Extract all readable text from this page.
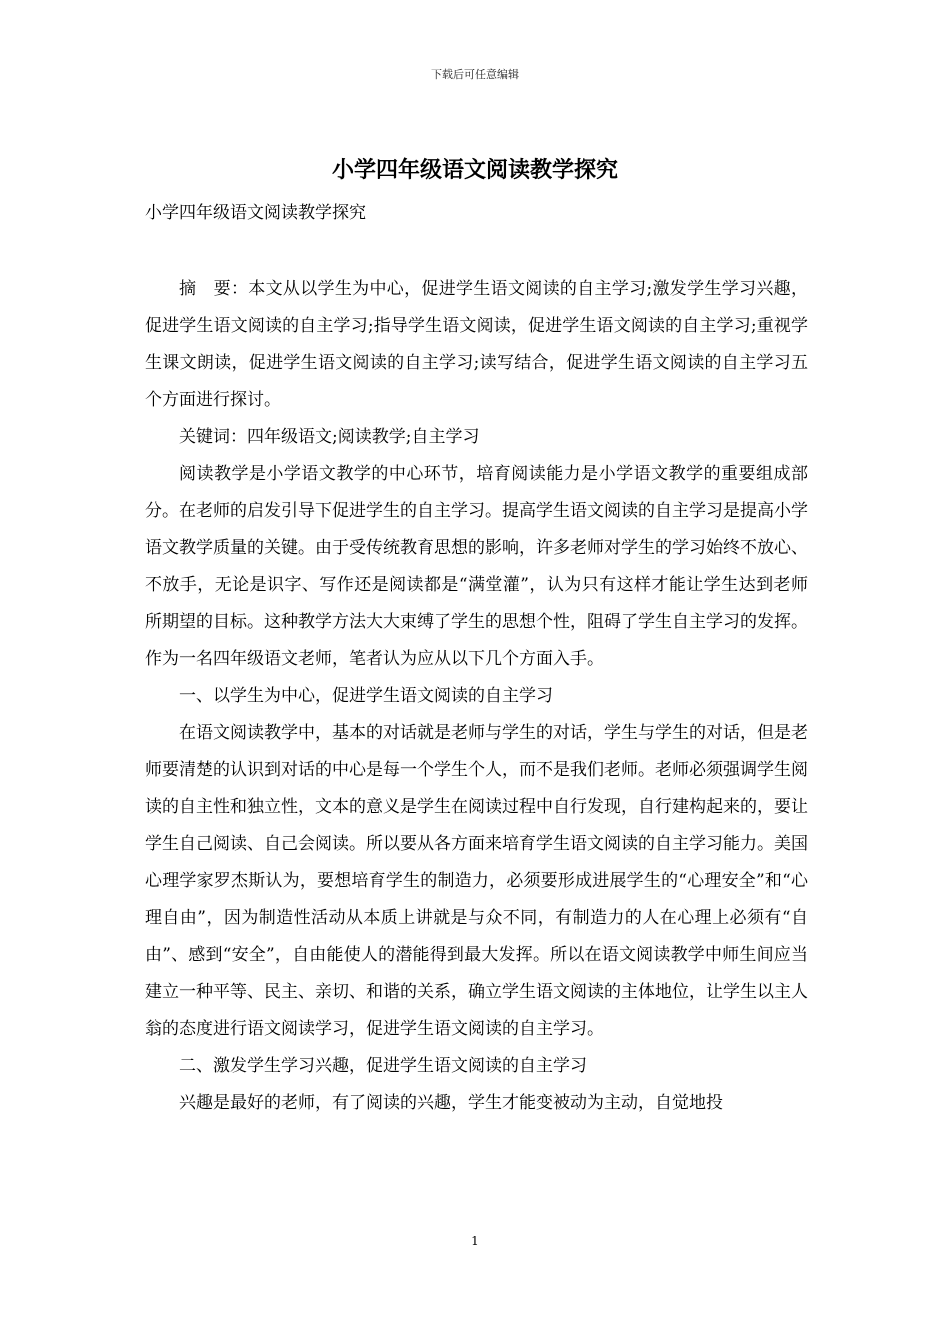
下载后可任意编辑
小学四年级语文阅读教学探究
小学四年级语文阅读教学探究

摘　要：本文从以学生为中心，促进学生语文阅读的自主学习;激发学生学习兴趣，促进学生语文阅读的自主学习;指导学生语文阅读，促进学生语文阅读的自主学习;重视学生课文朗读，促进学生语文阅读的自主学习;读写结合，促进学生语文阅读的自主学习五个方面进行探讨。

关键词：四年级语文;阅读教学;自主学习

阅读教学是小学语文教学的中心环节，培育阅读能力是小学语文教学的重要组成部分。在老师的启发引导下促进学生的自主学习。提高学生语文阅读的自主学习是提高小学语文教学质量的关键。由于受传统教育思想的影响，许多老师对学生的学习始终不放心、不放手，无论是识字、写作还是阅读都是“满堂灌”，认为只有这样才能让学生达到老师所期望的目标。这种教学方法大大束缚了学生的思想个性，阻碍了学生自主学习的发挥。作为一名四年级语文老师，笔者认为应从以下几个方面入手。

一、以学生为中心，促进学生语文阅读的自主学习

在语文阅读教学中，基本的对话就是老师与学生的对话，学生与学生的对话，但是老师要清楚的认识到对话的中心是每一个学生个人，而不是我们老师。老师必须强调学生阅读的自主性和独立性，文本的意义是学生在阅读过程中自行发现，自行建构起来的，要让学生自己阅读、自己会阅读。所以要从各方面来培育学生语文阅读的自主学习能力。美国心理学家罗杰斯认为，要想培育学生的制造力，必须要形成进展学生的“心理安全”和“心理自由”，因为制造性活动从本质上讲就是与众不同，有制造力的人在心理上必须有“自由”、感到“安全”，自由能使人的潜能得到最大发挥。所以在语文阅读教学中师生间应当建立一种平等、民主、亲切、和谐的关系，确立学生语文阅读的主体地位，让学生以主人翁的态度进行语文阅读学习，促进学生语文阅读的自主学习。

二、激发学生学习兴趣，促进学生语文阅读的自主学习

兴趣是最好的老师，有了阅读的兴趣，学生才能变被动为主动，自觉地投

1
